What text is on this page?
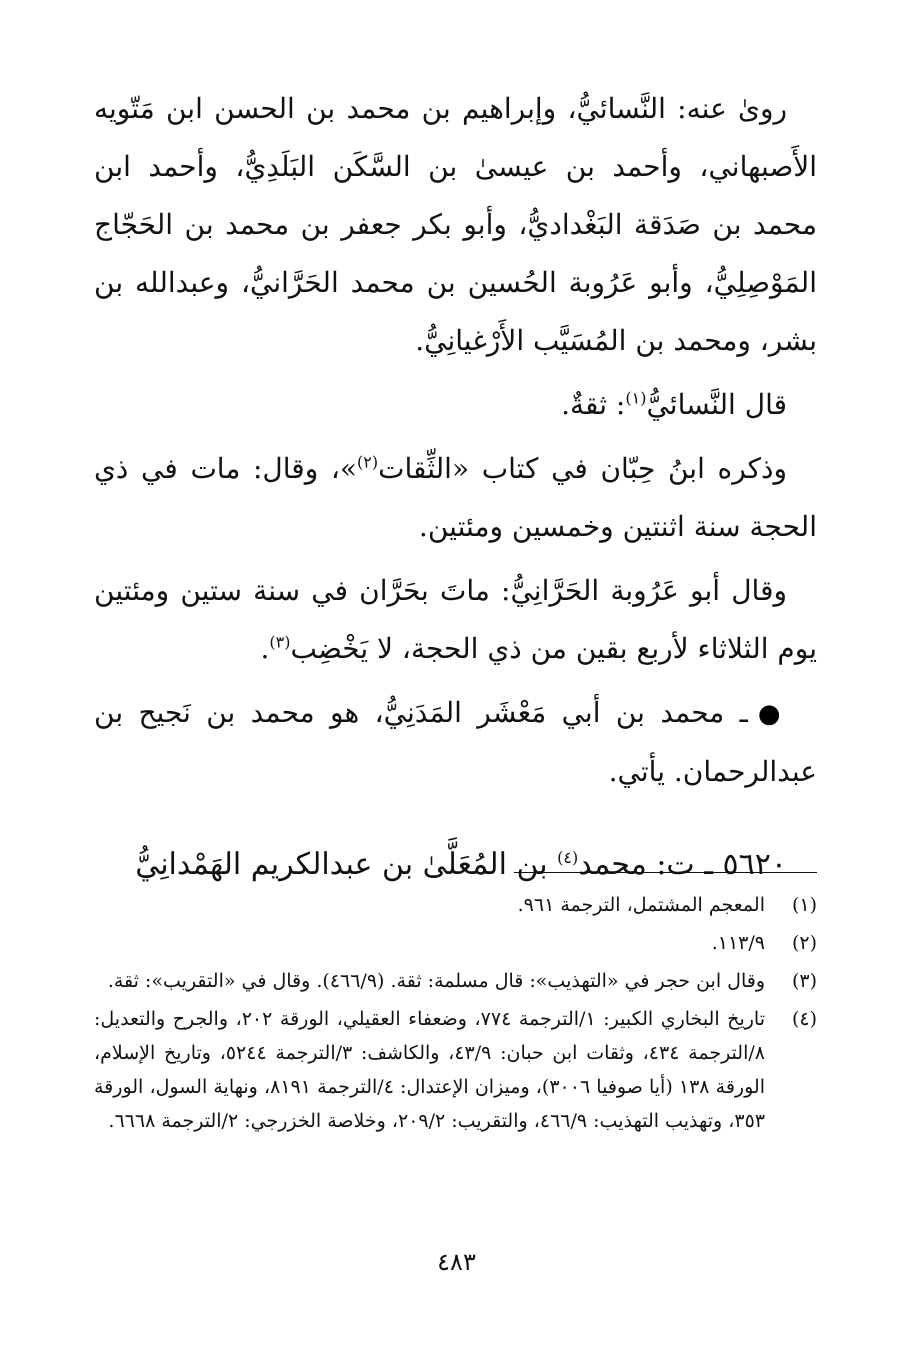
روىٰ عنه: النَّسائيُّ، وإبراهيم بن محمد بن الحسن ابن مَتّويه الأَصبهاني، وأحمد بن عيسىٰ بن السَّكَن البَلَدِيُّ، وأحمد ابن محمد بن صَدَقة البَغْداديُّ، وأبو بكر جعفر بن محمد بن الحَجّاج المَوْصِلِيُّ، وأبو عَرُوبة الحُسين بن محمد الحَرَّانيُّ، وعبدالله بن بشر، ومحمد بن المُسَيَّب الأَرْغيانِيُّ.

قال النَّسائيُّ$^{(١)}$: ثقةٌ.

وذكره ابنُ حِبّان في كتاب «الثِّقات$^{(٢)}$»، وقال: مات في ذي الحجة سنة اثنتين وخمسين ومئتين.

وقال أبو عَرُوبة الحَرَّانِيُّ: ماتَ بحَرَّان في سنة ستين ومئتين يوم الثلاثاء لأربع بقين من ذي الحجة، لا يَخْضِب$^{(٣)}$.

●ـ محمد بن أبي مَعْشَر المَدَنِيُّ، هو محمد بن نَجيح بن عبدالرحمان. يأتي.

٥٦٢٠ ـ ت: محمد$^{(٤)}$ بن المُعَلَّىٰ بن عبدالكريم الهَمْدانِيُّ

(١)
المعجم المشتمل، الترجمة ٩٦١.
(٢)
١١٣/٩.
(٣)
وقال ابن حجر في «التهذيب»: قال مسلمة: ثقة. (٤٦٦/٩). وقال في «التقريب»: ثقة.
(٤)
تاريخ البخاري الكبير: ١/الترجمة ٧٧٤، وضعفاء العقيلي، الورقة ٢٠٢، والجرح والتعديل: ٨/الترجمة ٤٣٤، وثقات ابن حبان: ٤٣/٩، والكاشف: ٣/الترجمة ٥٢٤٤، وتاريخ الإسلام، الورقة ١٣٨ (أيا صوفيا ٣٠٠٦)، وميزان الإعتدال: ٤/الترجمة ٨١٩١، ونهاية السول، الورقة ٣٥٣، وتهذيب التهذيب: ٤٦٦/٩، والتقريب: ٢٠٩/٢، وخلاصة الخزرجي: ٢/الترجمة ٦٦٦٨.
٤٨٣
